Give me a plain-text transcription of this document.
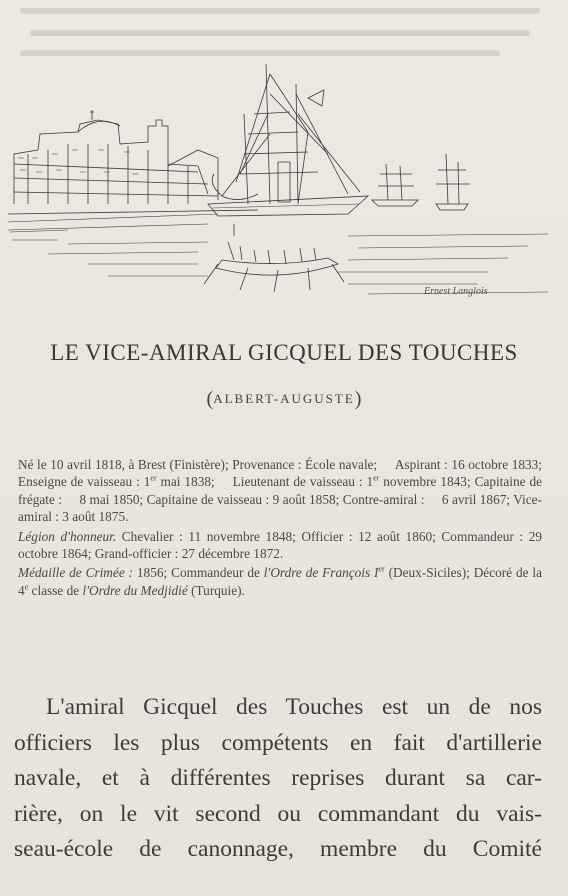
Ernest Langlois
LE VICE-AMIRAL GICQUEL DES TOUCHES
(ALBERT-AUGUSTE)

Né le 10 avril 1818, à Brest (Finistère); Provenance : École navale; Aspirant : 16 octobre 1833; Enseigne de vaisseau : 1er mai 1838; Lieutenant de vaisseau : 1er novembre 1843; Capitaine de frégate : 8 mai 1850; Capitaine de vaisseau : 9 août 1858; Contre-amiral : 6 avril 1867; Vice-amiral : 3 août 1875.

Légion d'honneur. Chevalier : 11 novembre 1848; Officier : 12 août 1860; Commandeur : 29 octobre 1864; Grand-officier : 27 décembre 1872.

Médaille de Crimée : 1856; Commandeur de l'Ordre de François Ier (Deux-Siciles); Décoré de la 4e classe de l'Ordre du Medjidié (Turquie).

L'amiral Gicquel des Touches est un de nos
officiers les plus compétents en fait d'artillerie
navale, et à différentes reprises durant sa car-
rière, on le vit second ou commandant du vais-
seau-école de canonnage, membre du Comité
